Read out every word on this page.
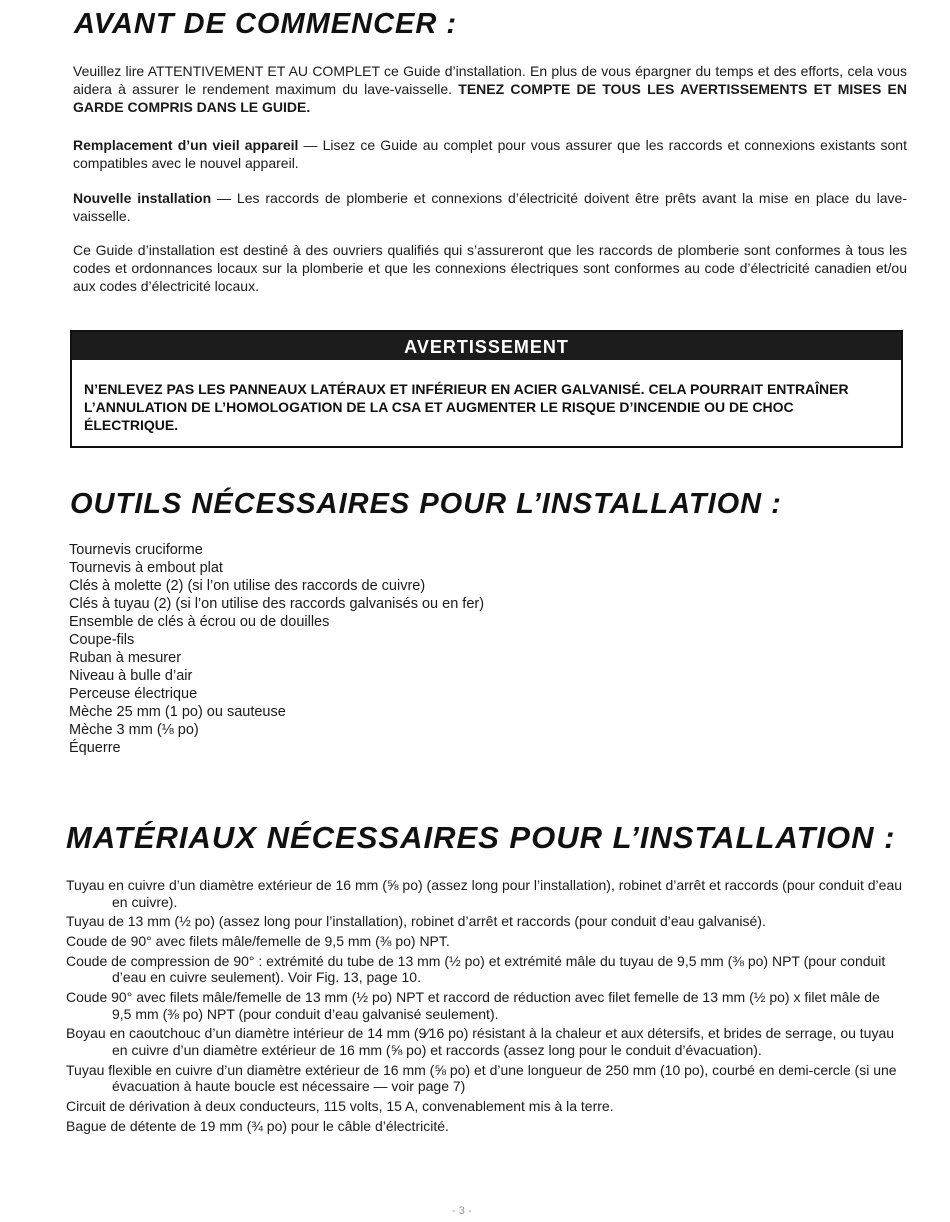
AVANT DE COMMENCER :

Veuillez lire ATTENTIVEMENT ET AU COMPLET ce Guide d’installation. En plus de vous épargner du temps et des efforts, cela vous aidera à assurer le rendement maximum du lave-vaisselle. TENEZ COMPTE DE TOUS LES AVERTISSEMENTS ET MISES EN GARDE COMPRIS DANS LE GUIDE.

Remplacement d’un vieil appareil — Lisez ce Guide au complet pour vous assurer que les raccords et connexions existants sont compatibles avec le nouvel appareil.

Nouvelle installation — Les raccords de plomberie et connexions d’électricité doivent être prêts avant la mise en place du lave-vaisselle.

Ce Guide d’installation est destiné à des ouvriers qualifiés qui s’assureront que les raccords de plomberie sont conformes à tous les codes et ordonnances locaux sur la plomberie et que les connexions électriques sont conformes au code d’électricité canadien et/ou aux codes d’électricité locaux.

AVERTISSEMENT
N’ENLEVEZ PAS LES PANNEAUX LATÉRAUX ET INFÉRIEUR EN ACIER GALVANISÉ. CELA POURRAIT ENTRAÎNER L’ANNULATION DE L’HOMOLOGATION DE LA CSA ET AUGMENTER LE RISQUE D’INCENDIE OU DE CHOC ÉLECTRIQUE.
OUTILS NÉCESSAIRES POUR L’INSTALLATION :
Tournevis cruciforme
Tournevis à embout plat
Clés à molette (2) (si l’on utilise des raccords de cuivre)
Clés à tuyau (2) (si l’on utilise des raccords galvanisés ou en fer)
Ensemble de clés à écrou ou de douilles
Coupe-fils
Ruban à mesurer
Niveau à bulle d’air
Perceuse électrique
Mèche 25 mm (1 po) ou sauteuse
Mèche 3 mm (⅛ po)
Équerre
MATÉRIAUX NÉCESSAIRES POUR L’INSTALLATION :
Tuyau en cuivre d’un diamètre extérieur de 16 mm (⅝ po) (assez long pour l’installation), robinet d’arrêt et raccords (pour conduit d’eau en cuivre).
Tuyau de 13 mm (½ po) (assez long pour l’installation), robinet d’arrêt et raccords (pour conduit d’eau galvanisé).
Coude de 90° avec filets mâle/femelle de 9,5 mm (⅜ po) NPT.
Coude de compression de 90° : extrémité du tube de 13 mm (½ po) et extrémité mâle du tuyau de 9,5 mm (⅜ po) NPT (pour conduit d’eau en cuivre seulement). Voir Fig. 13, page 10.
Coude 90° avec filets mâle/femelle de 13 mm (½ po) NPT et raccord de réduction avec filet femelle de 13 mm (½ po) x filet mâle de 9,5 mm (⅜ po) NPT (pour conduit d’eau galvanisé seulement).
Boyau en caoutchouc d’un diamètre intérieur de 14 mm (9⁄16 po) résistant à la chaleur et aux détersifs, et brides de serrage, ou tuyau en cuivre d’un diamètre extérieur de 16 mm (⅝ po) et raccords (assez long pour le conduit d’évacuation).
Tuyau flexible en cuivre d’un diamètre extérieur de 16 mm (⅝ po) et d’une longueur de 250 mm (10 po), courbé en demi-cercle (si une évacuation à haute boucle est nécessaire — voir page 7)
Circuit de dérivation à deux conducteurs, 115 volts, 15 A, convenablement mis à la terre.
Bague de détente de 19 mm (¾ po) pour le câble d’électricité.
- 3 -
